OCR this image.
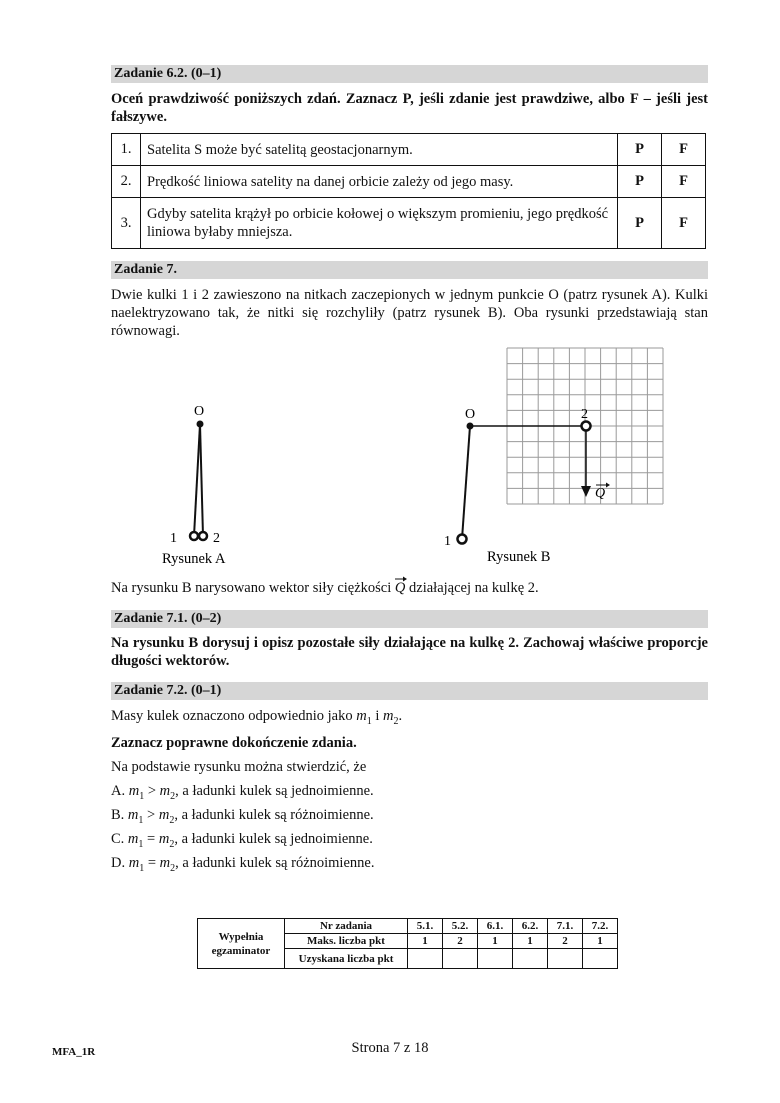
Zadanie 6.2. (0–1)
Oceń prawdziwość poniższych zdań. Zaznacz P, jeśli zdanie jest prawdziwe, albo F – jeśli jest fałszywe.
1.	Satelita S może być satelitą geostacjonarnym.	P	F
2.	Prędkość liniowa satelity na danej orbicie zależy od jego masy.	P	F
3.	Gdyby satelita krążył po orbicie kołowej o większym promieniu, jego prędkość liniowa byłaby mniejsza.	P	F
Zadanie 7.
Dwie kulki 1 i 2 zawieszono na nitkach zaczepionych w jednym punkcie O (patrz rysunek A). Kulki naelektryzowano tak, że nitki się rozchyliły (patrz rysunek B). Oba rysunki przedstawiają stan równowagi.
O
1	2
Rysunek A
O	2
1
Q
Rysunek B
Na rysunku B narysowano wektor siły ciężkości Q
działającej na kulkę 2.
Zadanie 7.1. (0–2)
Na rysunku B dorysuj i opisz pozostałe siły działające na kulkę 2. Zachowaj właściwe proporcje długości wektorów.
Zadanie 7.2. (0–1)
Masy kulek oznaczono odpowiednio jako $m_1$ i $m_2$.
Zaznacz poprawne dokończenie zdania.
Na podstawie rysunku można stwierdzić, że
A. $m_1 > m_2$, a ładunki kulek są jednoimienne.
B. $m_1 > m_2$, a ładunki kulek są różnoimienne.
C. $m_1 = m_2$, a ładunki kulek są jednoimienne.
D. $m_1 = m_2$, a ładunki kulek są różnoimienne.
Wypełnia egzaminator	Nr zadania	5.1.	5.2.	6.1.	6.2.	7.1.	7.2.
	Maks. liczba pkt	1	2	1	1	2	1
	Uzyskana liczba pkt						
MFA_1R	Strona 7 z 18
